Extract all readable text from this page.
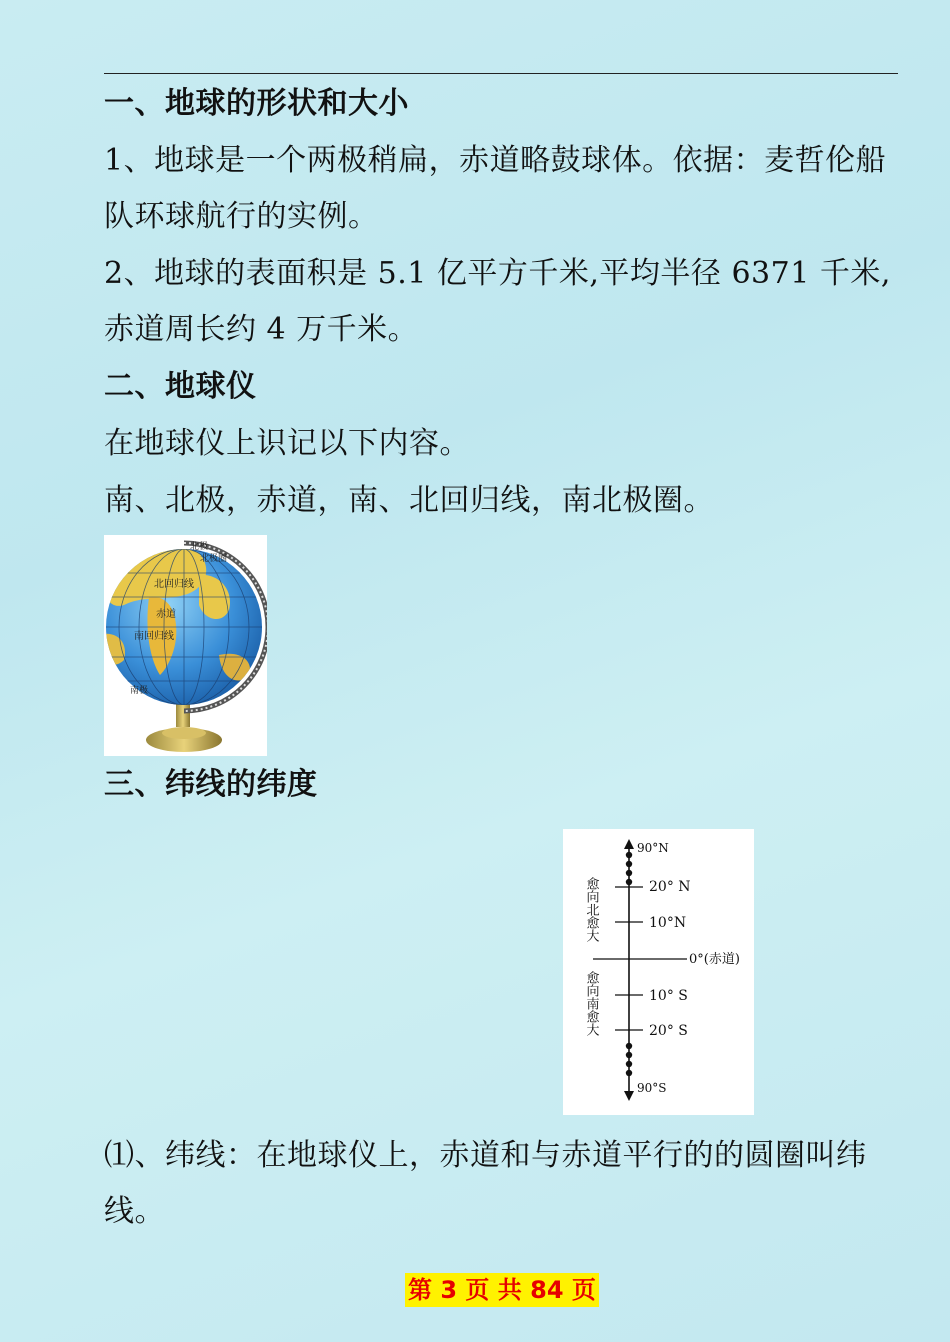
一、地球的形状和大小
1、地球是一个两极稍扁，赤道略鼓球体。依据：麦哲伦船
队环球航行的实例。
2、地球的表面积是 5.1 亿平方千米,平均半径 6371 千米,
赤道周长约 4 万千米。
二、地球仪
在地球仪上识记以下内容。
南、北极，赤道，南、北回归线，南北极圈。
北极
北极圈
北回归线
赤道
南回归线
南极
三、纬线的纬度
90°N
20° N
10°N
0°(赤道)
10° S
20° S
90°S
愈向北愈大
愈向南愈大
⑴、纬线：在地球仪上，赤道和与赤道平行的的圆圈叫纬
线。
第 3 页 共 84 页
